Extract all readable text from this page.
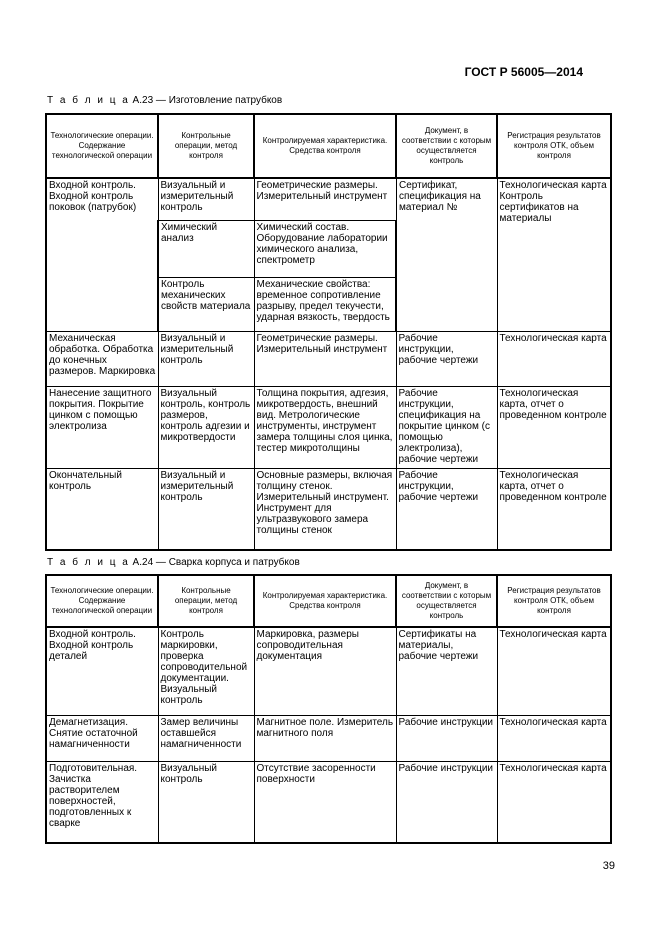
ГОСТ Р 56005—2014
Т а б л и ц а А.23 — Изготовление патрубков
Технологические операции. Содержание технологической операции	Контрольные операции, метод контроля	Контролируемая характеристика. Средства контроля	Документ, в соответствии с которым осуществляется контроль	Регистрация результатов контроля ОТК, объем контроля
Входной контроль. Входной контроль поковок (патрубок)	Визуальный и измерительный контроль	Геометрические размеры. Измерительный инструмент	Сертификат, спецификация на материал №	Технологическая карта Контроль сертификатов на материалы
	Химический анализ	Химический состав. Оборудование лаборатории химического анализа, спектрометр		
	Контроль механических свойств материала	Механические свойства: временное сопротивление разрыву, предел текучести, ударная вязкость, твердость		
Механическая обработка. Обработка до конечных размеров. Маркировка	Визуальный и измерительный контроль	Геометрические размеры. Измерительный инструмент	Рабочие инструкции, рабочие чертежи	Технологическая карта
Нанесение защитного покрытия. Покрытие цинком с помощью электролиза	Визуальный контроль, контроль размеров, контроль адгезии и микротвердости	Толщина покрытия, адгезия, микротвердость, внешний вид. Метрологические инструменты, инструмент замера толщины слоя цинка, тестер микротолщины	Рабочие инструкции, спецификация на покрытие цинком (с помощью электролиза), рабочие чертежи	Технологическая карта, отчет о проведенном контроле
Окончательный контроль	Визуальный и измерительный контроль	Основные размеры, включая толщину стенок. Измерительный инструмент. Инструмент для ультразвукового замера толщины стенок	Рабочие инструкции, рабочие чертежи	Технологическая карта, отчет о проведенном контроле
Т а б л и ц а А.24 — Сварка корпуса и патрубков
Технологические операции. Содержание технологической операции	Контрольные операции, метод контроля	Контролируемая характеристика. Средства контроля	Документ, в соответствии с которым осуществляется контроль	Регистрация результатов контроля ОТК, объем контроля
Входной контроль. Входной контроль деталей	Контроль маркировки, проверка сопроводительной документации. Визуальный контроль	Маркировка, размеры сопроводительная документация	Сертификаты на материалы, рабочие чертежи	Технологическая карта
Демагнетизация. Снятие остаточной намагниченности	Замер величины оставшейся намагниченности	Магнитное поле. Измеритель магнитного поля	Рабочие инструкции	Технологическая карта
Подготовительная. Зачистка растворителем поверхностей, подготовленных к сварке	Визуальный контроль	Отсутствие засоренности поверхности	Рабочие инструкции	Технологическая карта
39
